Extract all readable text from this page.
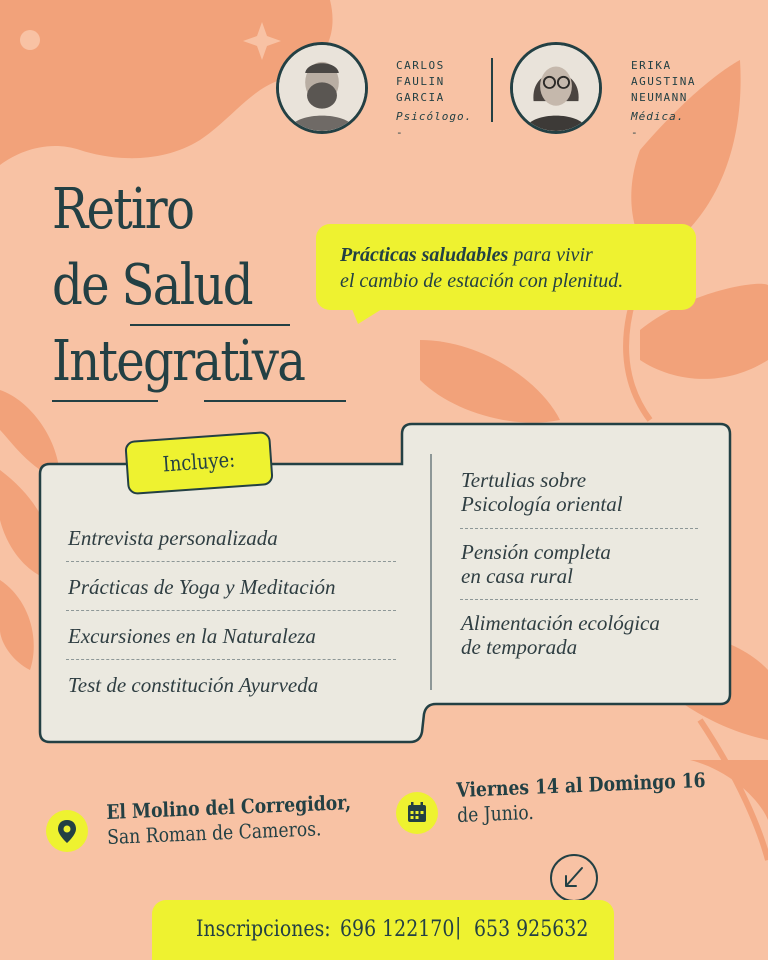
CARLOS
FAULIN
GARCIA
Psicólogo.
-
ERIKA
AGUSTINA
NEUMANN
Médica.
-
Retiro
de Salud
Integrativa
Prácticas saludables para vivir
el cambio de estación con plenitud.
Incluye:
Entrevista personalizada
Prácticas de Yoga y Meditación
Excursiones en la Naturaleza
Test de constitución Ayurveda
Tertulias sobre
Psicología oriental
Pensión completa
en casa rural
Alimentación ecológica
de temporada
El Molino del Corregidor,
San Roman de Cameros.
Viernes 14 al Domingo 16
de Junio.
Inscripciones: 696 122170 | 653 925632
